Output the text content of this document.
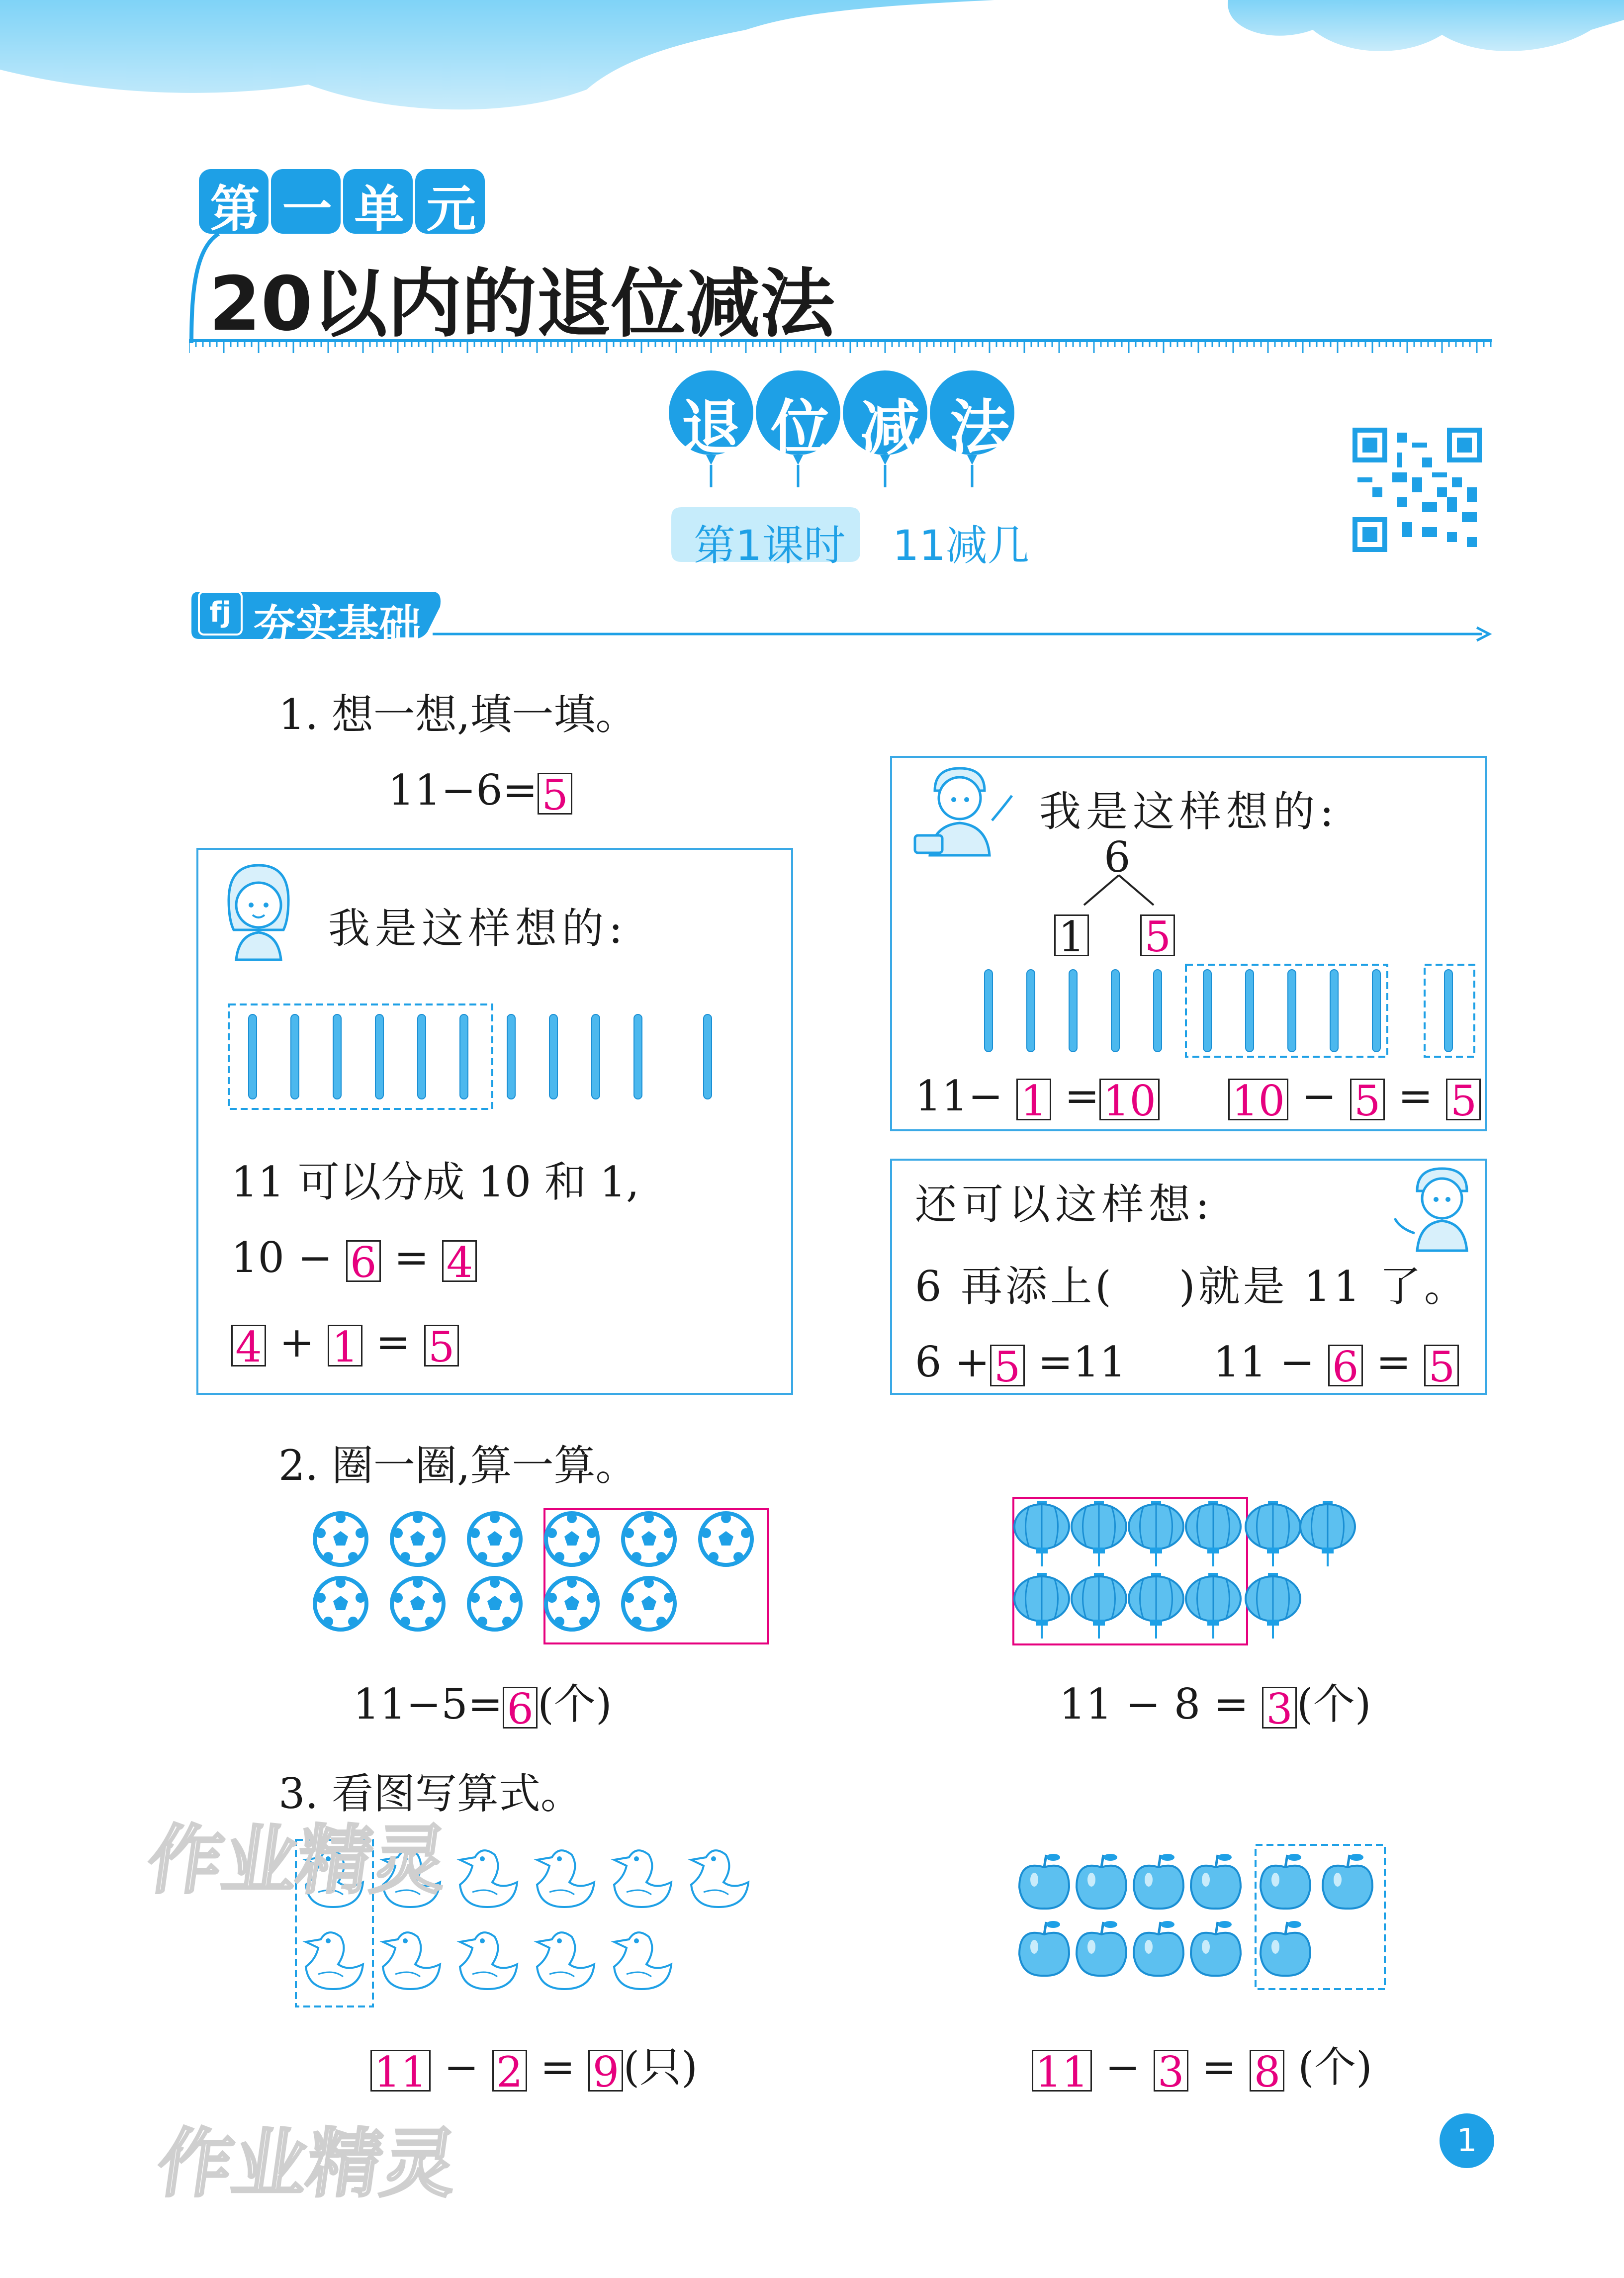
第 一 单 元
20以内的退位减法
退 位 减 法
第1课时 11减几
fj 夯实基础
1. 想一想,填一填。
11−6=5
我是这样想的:
11 可以分成 10 和 1,
10 − 6 = 4
4 + 1 = 5
我是这样想的:
6
1 5
11− 1 =10 10 − 5 = 5
还可以这样想:
6 再添上( )就是 11 了。
6 +5 =11 11 − 6 = 5
2. 圈一圈,算一算。
11−5=6(个)	11 − 8 = 3(个)
3. 看图写算式。
11 − 2 = 9(只)	11 − 3 = 8 (个)
作业精灵
作业精灵	1
